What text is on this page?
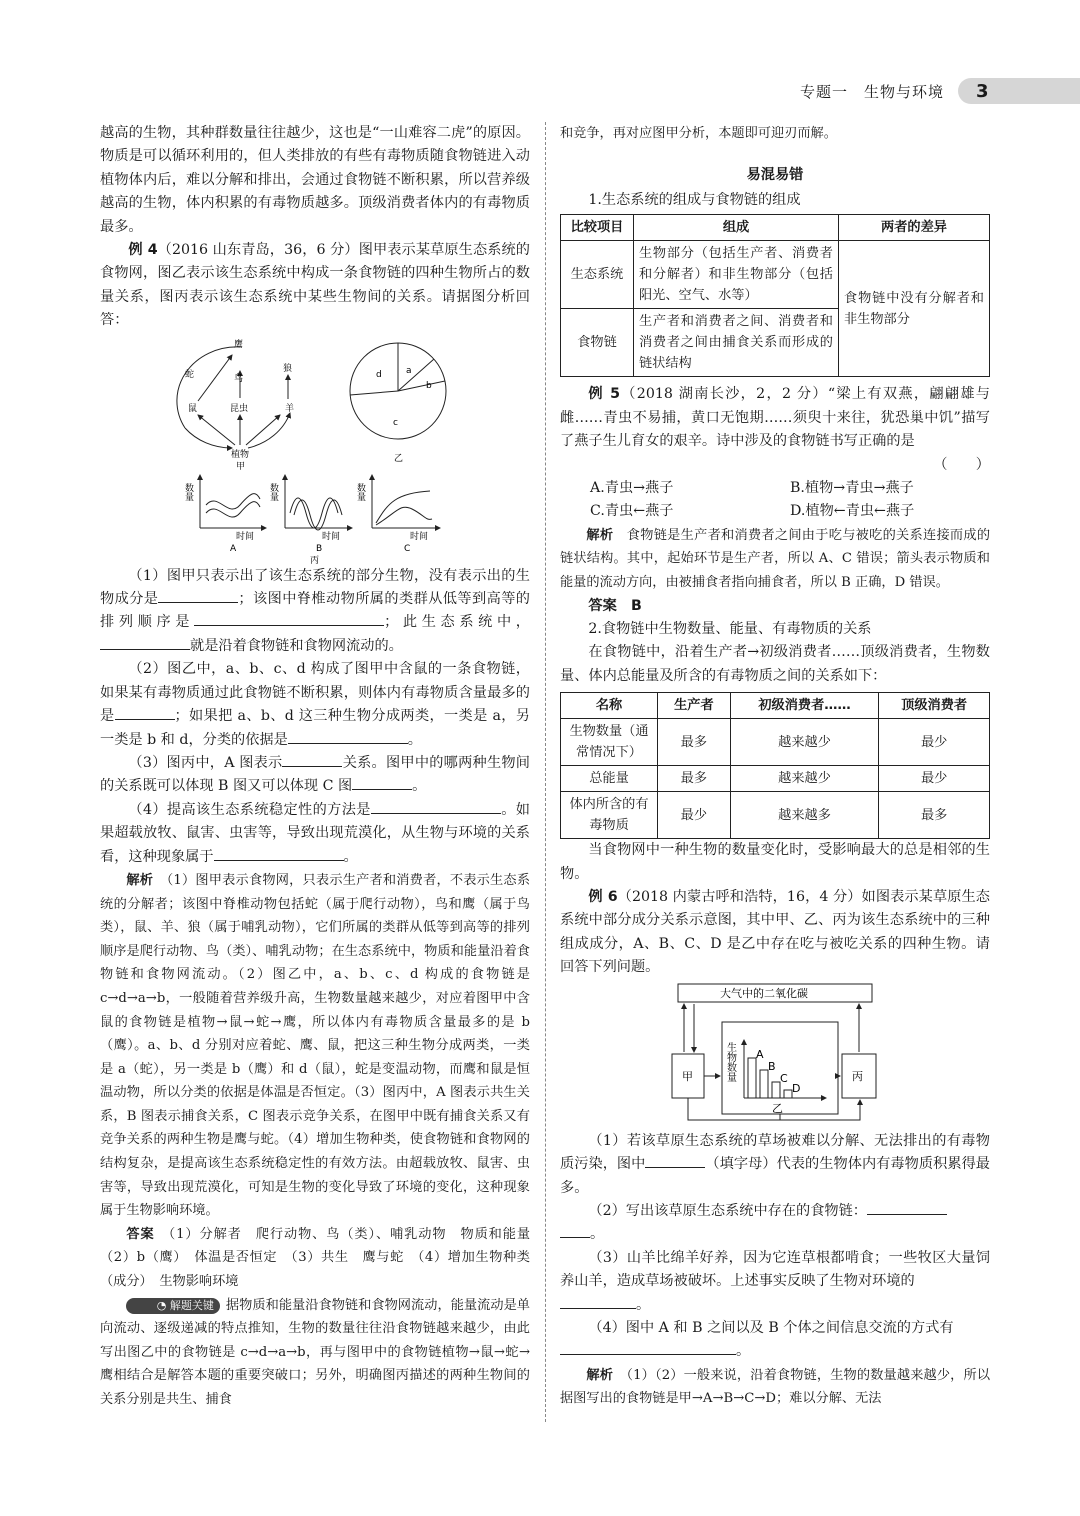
专题一　生物与环境	3

越高的生物，其种群数量往往越少，这也是“一山难容二虎”的原因。物质是可以循环利用的，但人类排放的有些有毒物质随食物链进入动植物体内后，难以分解和排出，会通过食物链不断积累，所以营养级越高的生物，体内积累的有毒物质越多。顶级消费者体内的有毒物质最多。

例 4（2016 山东青岛，36，6 分）图甲表示某草原生态系统的食物网，图乙表示该生态系统中构成一条食物链的四种生物所占的数量关系，图丙表示该生态系统中某些生物间的关系。请据图分析回答：

鹰
蛇	鸟
狼
鼠	昆虫	羊
植物
甲
a
b
c
d
乙
数量
时间
A
数量
时间
B
数量
时间
C
丙

（1）图甲只表示出了该生态系统的部分生物，没有表示出的生物成分是	；该图中脊椎动物所属的类群从低等到高等的排列顺序是	；此生态系统中，就是沿着食物链和食物网流动的。

（2）图乙中，a、b、c、d 构成了图甲中含鼠的一条食物链，如果某有毒物质通过此食物链不断积累，则体内有毒物质含量最多的是	；如果把 a、b、d 这三种生物分成两类，一类是 a，另一类是 b 和 d，分类的依据是	。

（3）图丙中，A 图表示	关系。图甲中的哪两种生物间的关系既可以体现 B 图又可以体现 C 图	。

（4）提高该生态系统稳定性的方法是	。如果超载放牧、鼠害、虫害等，导致出现荒漠化，从生物与环境的关系看，这种现象属于	。

解析　 （1）图甲表示食物网，只表示生产者和消费者，不表示生态系统的分解者；该图中脊椎动物包括蛇（属于爬行动物），鸟和鹰（属于鸟类），鼠、羊、狼（属于哺乳动物），它们所属的类群从低等到高等的排列顺序是爬行动物、鸟（类）、哺乳动物；在生态系统中，物质和能量沿着食物链和食物网流动。（2）图乙中，a、b、c、d 构成的食物链是 c→d→a→b，一般随着营养级升高，生物数量越来越少，对应着图甲中含鼠的食物链是植物→鼠→蛇→鹰，所以体内有毒物质含量最多的是 b（鹰）。a、b、d 分别对应着蛇、鹰、鼠，把这三种生物分成两类，一类是 a（蛇），另一类是 b（鹰）和 d（鼠），蛇是变温动物，而鹰和鼠是恒温动物，所以分类的依据是体温是否恒定。（3）图丙中，A 图表示共生关系，B 图表示捕食关系，C 图表示竞争关系，在图甲中既有捕食关系又有竞争关系的两种生物是鹰与蛇。（4）增加生物种类，使食物链和食物网的结构复杂，是提高该生态系统稳定性的有效方法。由超载放牧、鼠害、虫害等，导致出现荒漠化，可知是生物的变化导致了环境的变化，这种现象属于生物影响环境。

答案　 （1）分解者　爬行动物、鸟（类）、哺乳动物　物质和能量　（2）b（鹰）　体温是否恒定　（3）共生　鹰与蛇　（4）增加生物种类（成分）　生物影响环境

◔ 解题关键 据物质和能量沿食物链和食物网流动，能量流动是单向流动、逐级递减的特点推知，生物的数量往往沿食物链越来越少，由此写出图乙中的食物链是 c→d→a→b，再与图甲中的食物链植物→鼠→蛇→鹰相结合是解答本题的重要突破口；另外，明确图丙描述的两种生物间的关系分别是共生、捕食

和竞争，再对应图甲分析，本题即可迎刃而解。

易混易错

1.生态系统的组成与食物链的组成

比较项目	组成	两者的差异
生态系统	生物部分（包括生产者、消费者和分解者）和非生物部分（包括阳光、空气、水等）	食物链中没有分解者和非生物部分
食物链	生产者和消费者之间、消费者和消费者之间由捕食关系而形成的链状结构	

例 5（2018 湖南长沙，2，2 分）“梁上有双燕，翩翩雄与雌……青虫不易捕，黄口无饱期……须臾十来往，犹恐巢中饥”描写了燕子生儿育女的艰辛。诗中涉及的食物链书写正确的是

（　　）

A.青虫→燕子	B.植物→青虫→燕子
C.青虫←燕子	D.植物←青虫←燕子

解析　 食物链是生产者和消费者之间由于吃与被吃的关系连接而成的链状结构。其中，起始环节是生产者，所以 A、C 错误；箭头表示物质和能量的流动方向，由被捕食者指向捕食者，所以 B 正确，D 错误。

答案　 B

2.食物链中生物数量、能量、有毒物质的关系

在食物链中，沿着生产者→初级消费者……顶级消费者，生物数量、体内总能量及所含的有毒物质之间的关系如下：

名称	生产者	初级消费者……	顶级消费者
生物数量（通常情况下）	最多	越来越少	最少
总能量	最多	越来越少	最少
体内所含的有毒物质	最少	越来越多	最多

当食物网中一种生物的数量变化时，受影响最大的总是相邻的生物。

例 6（2018 内蒙古呼和浩特，16，4 分）如图表示某草原生态系统中部分成分关系示意图，其中甲、乙、丙为该生态系统中的三种组成成分，A、B、C、D 是乙中存在吃与被吃关系的四种生物。请回答下列问题。

大气中的二氧化碳
甲	丙
生物数量 A
B
C
D
乙

（1）若该草原生态系统的草场被难以分解、无法排出的有毒物质污染，图中	（填字母）代表的生物体内有毒物质积累得最多。

（2）写出该草原生态系统中存在的食物链：
。

（3）山羊比绵羊好养，因为它连草根都啃食；一些牧区大量饲养山羊，造成草场被破坏。上述事实反映了生物对环境的
。

（4）图中 A 和 B 之间以及 B 个体之间信息交流的方式有
。

解析　 （1）（2）一般来说，沿着食物链，生物的数量越来越少，所以据图写出的食物链是甲→A→B→C→D；难以分解、无法
